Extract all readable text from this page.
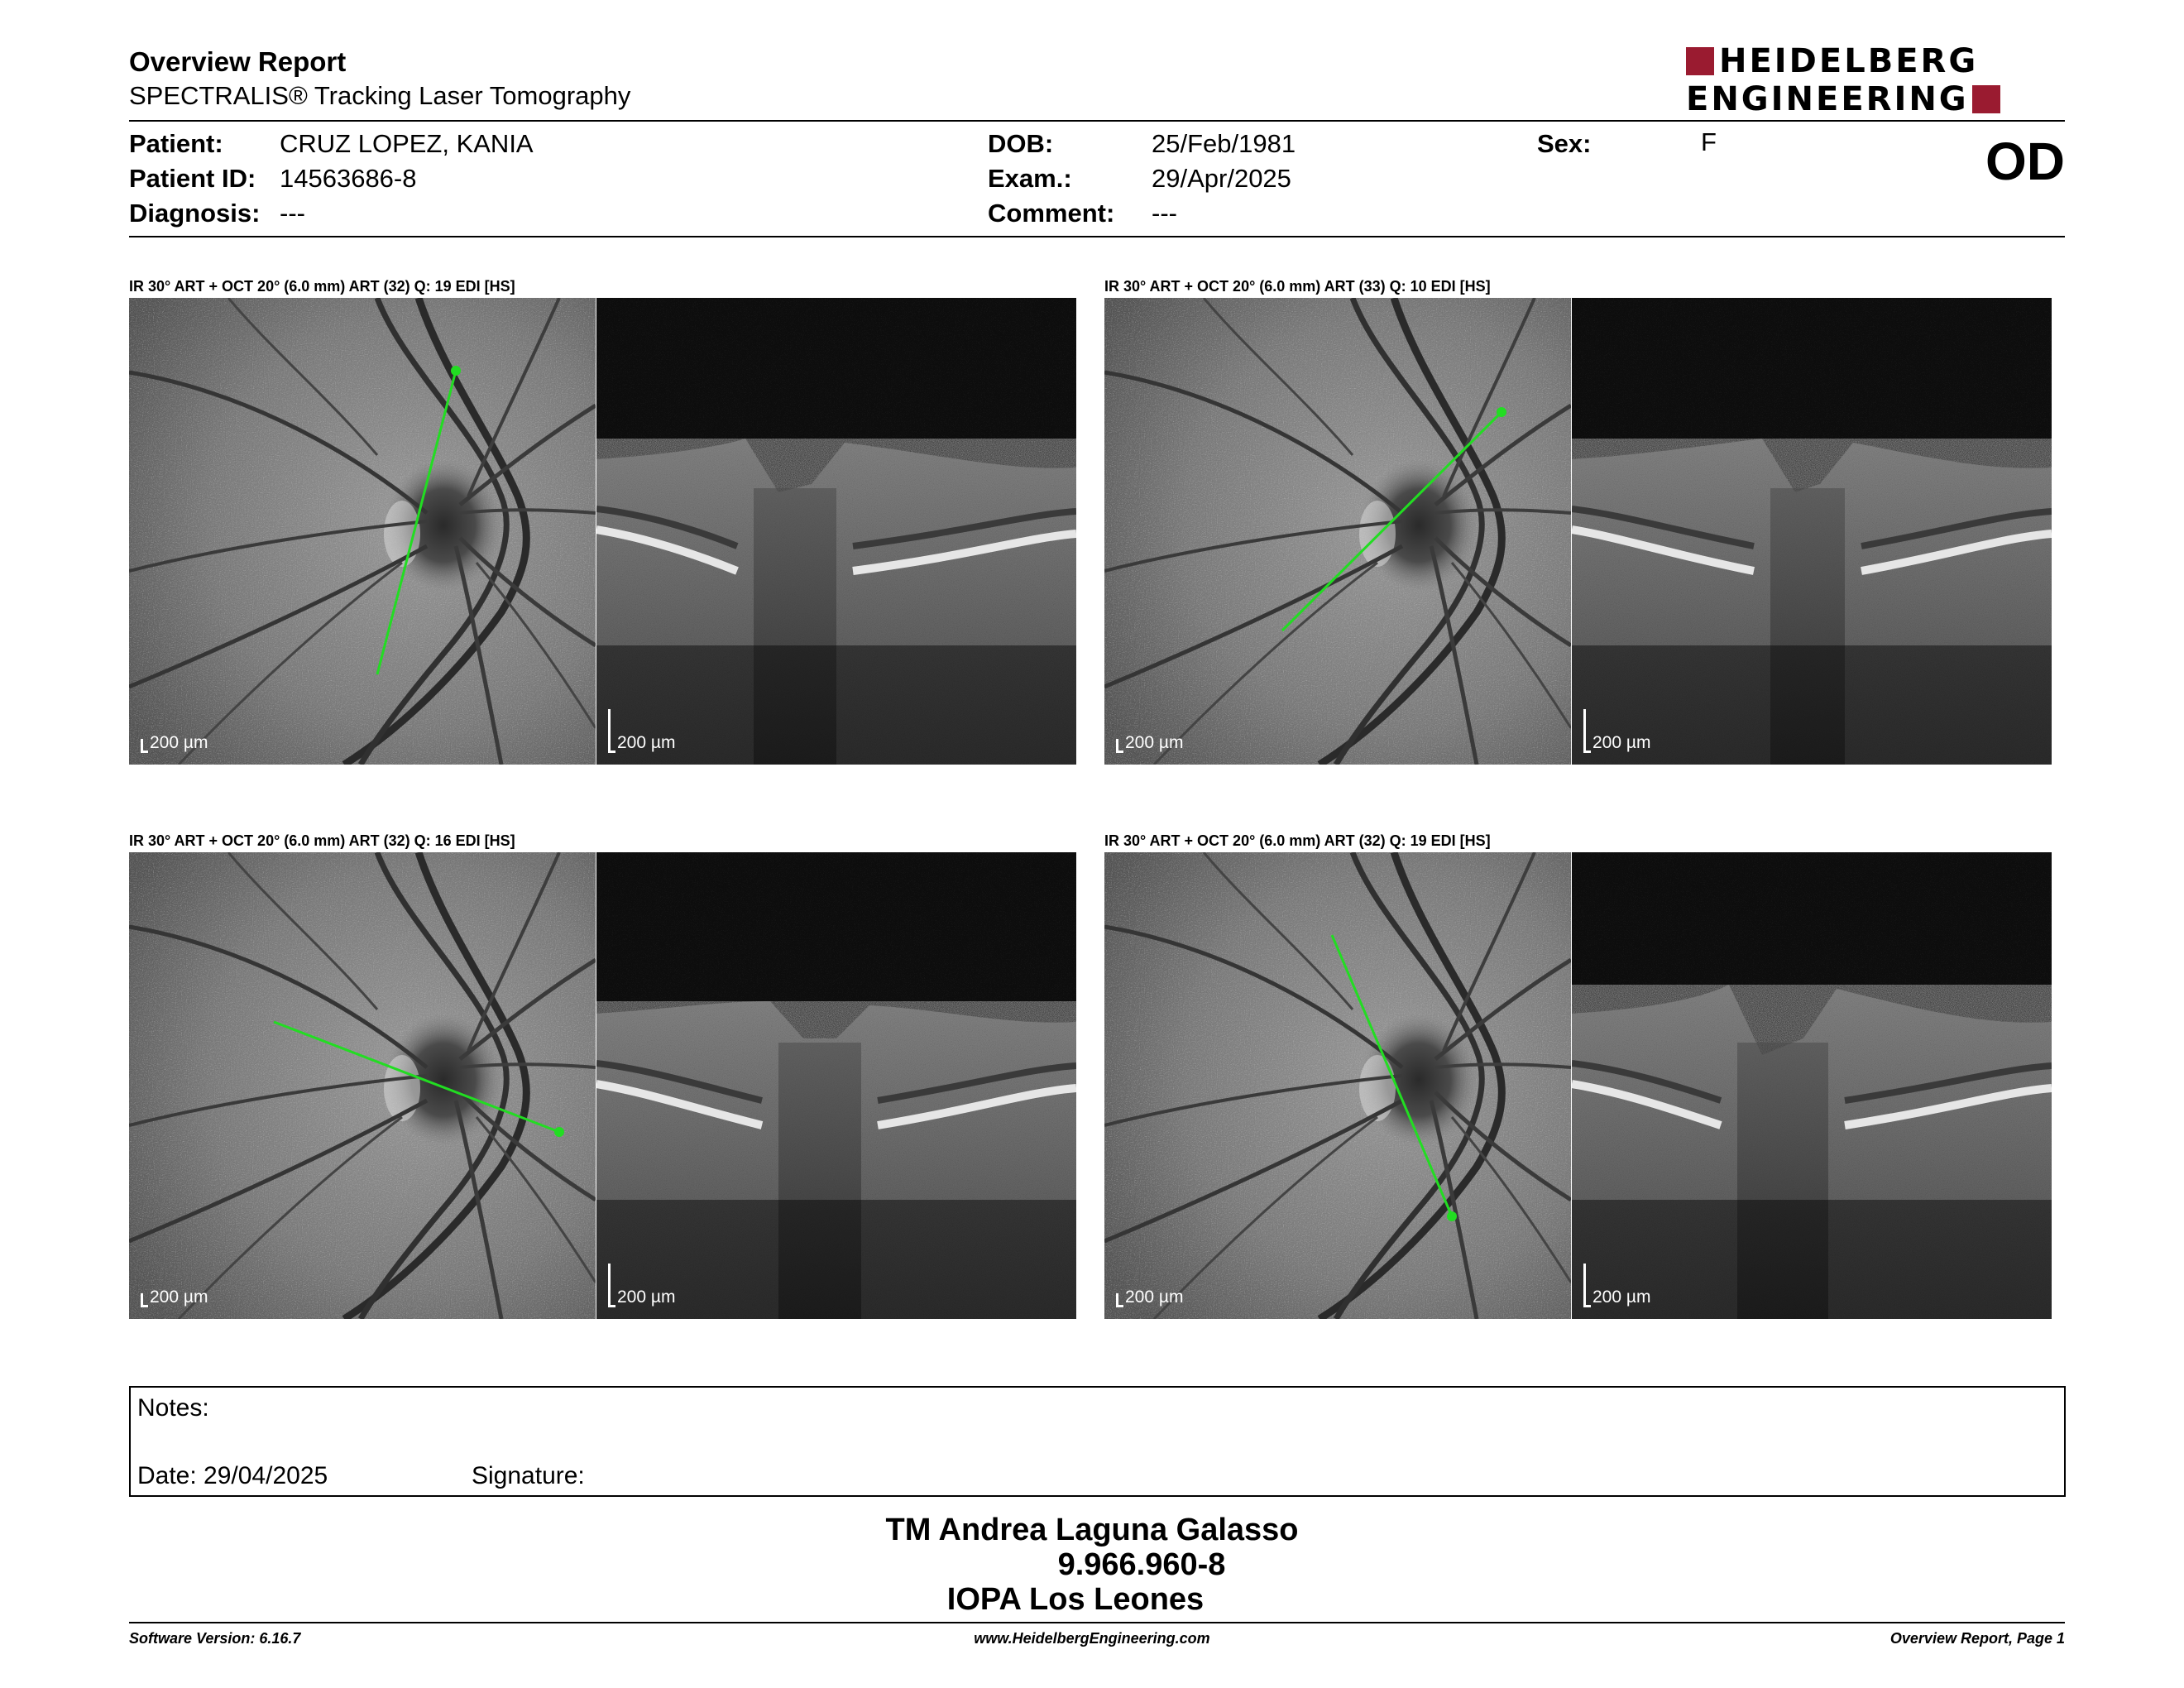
Overview Report
SPECTRALIS® Tracking Laser Tomography
HEIDELBERG
ENGINEERING
Patient: CRUZ LOPEZ, KANIA
Patient ID: 14563686-8
Diagnosis: ---
DOB:	25/Feb/1981
Exam.:	29/Apr/2025
Comment: ---
Sex:	F	OD
IR 30° ART + OCT 20° (6.0 mm) ART (32) Q: 19 EDI [HS]
200 µm	200 µm
IR 30° ART + OCT 20° (6.0 mm) ART (33) Q: 10 EDI [HS]
200 µm	200 µm
IR 30° ART + OCT 20° (6.0 mm) ART (32) Q: 16 EDI [HS]
200 µm	200 µm
IR 30° ART + OCT 20° (6.0 mm) ART (32) Q: 19 EDI [HS]
200 µm	200 µm
Notes:
Date: 29/04/2025	Signature:
TM Andrea Laguna Galasso
9.966.960-8
IOPA Los Leones
Software Version: 6.16.7	www.HeidelbergEngineering.com	Overview Report, Page 1
